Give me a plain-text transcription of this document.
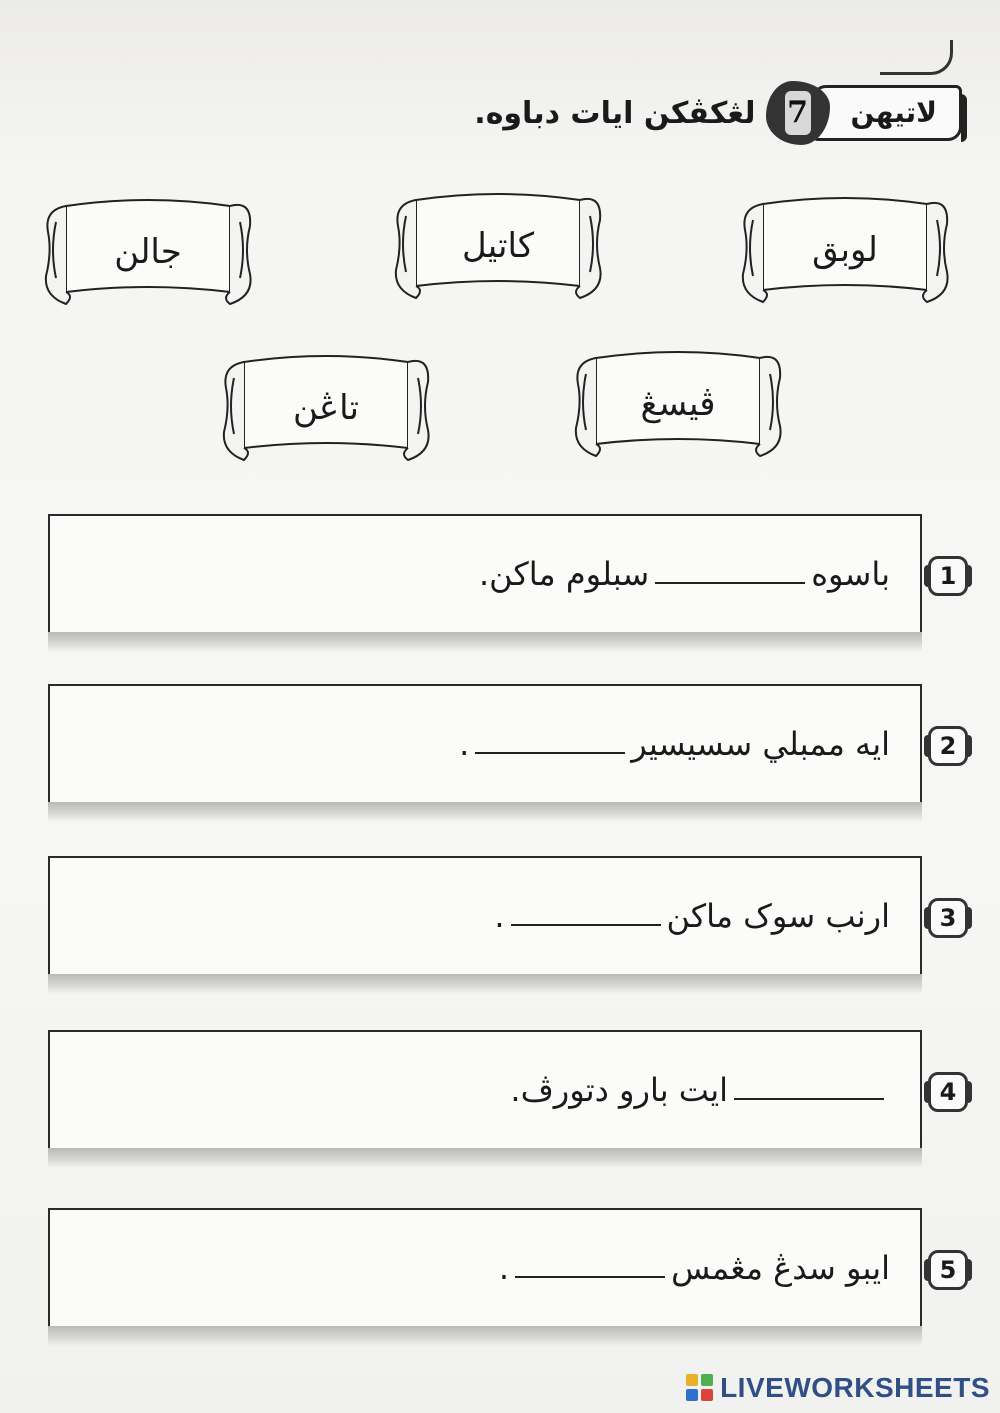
لاتيهن
7
لڠكڤكن ايات دباوه.
لوبق
كاتيل
جالن
ڤيسڠ
تاڠن
باسوه
سبلوم ماكن.	1
ايه ممبلي سسيسير
.	2
ارنب سوک ماكن
.	3
ايت بارو دتورڤ.	4
ايبو سدڠ مڠمس
.	5
LIVEWORKSHEETS
